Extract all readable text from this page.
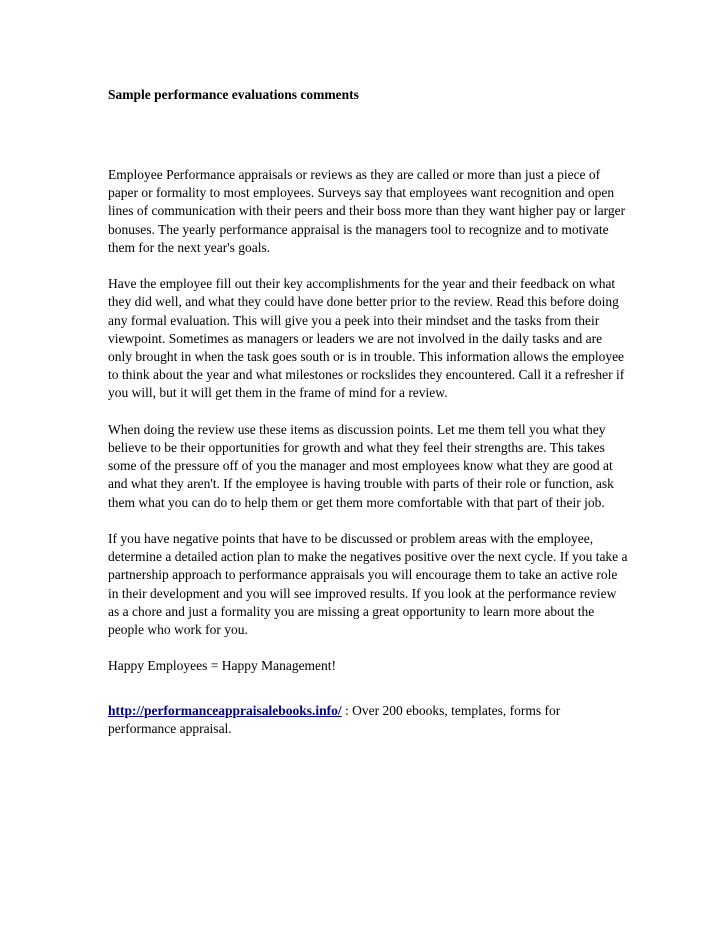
Sample performance evaluations comments

Employee Performance appraisals or reviews as they are called or more than just a piece of paper or formality to most employees. Surveys say that employees want recognition and open lines of communication with their peers and their boss more than they want higher pay or larger bonuses. The yearly performance appraisal is the managers tool to recognize and to motivate them for the next year's goals.

Have the employee fill out their key accomplishments for the year and their feedback on what they did well, and what they could have done better prior to the review. Read this before doing any formal evaluation. This will give you a peek into their mindset and the tasks from their viewpoint. Sometimes as managers or leaders we are not involved in the daily tasks and are only brought in when the task goes south or is in trouble. This information allows the employee to think about the year and what milestones or rockslides they encountered. Call it a refresher if you will, but it will get them in the frame of mind for a review.

When doing the review use these items as discussion points. Let me them tell you what they believe to be their opportunities for growth and what they feel their strengths are. This takes some of the pressure off of you the manager and most employees know what they are good at and what they aren't. If the employee is having trouble with parts of their role or function, ask them what you can do to help them or get them more comfortable with that part of their job.

If you have negative points that have to be discussed or problem areas with the employee, determine a detailed action plan to make the negatives positive over the next cycle. If you take a partnership approach to performance appraisals you will encourage them to take an active role in their development and you will see improved results. If you look at the performance review as a chore and just a formality you are missing a great opportunity to learn more about the people who work for you.

Happy Employees = Happy Management!

http://performanceappraisalebooks.info/ : Over 200 ebooks, templates, forms for performance appraisal.
